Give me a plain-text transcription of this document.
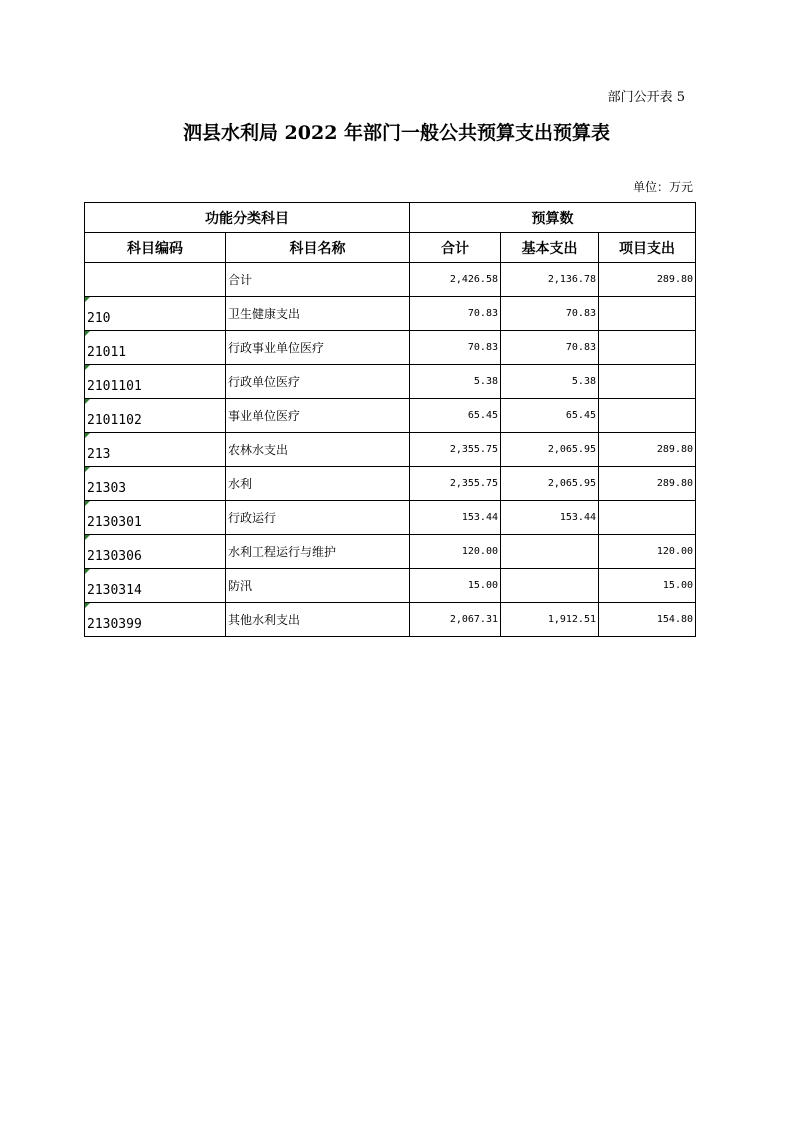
部门公开表 5
泗县水利局 2022 年部门一般公共预算支出预算表
单位：万元
功能分类科目		预算数		
科目编码	科目名称	合计	基本支出	项目支出
	合计	2,426.58	2,136.78	289.80
210	卫生健康支出	70.83	70.83	
21011	行政事业单位医疗	70.83	70.83	
2101101	行政单位医疗	5.38	5.38	
2101102	事业单位医疗	65.45	65.45	
213	农林水支出	2,355.75	2,065.95	289.80
21303	水利	2,355.75	2,065.95	289.80
2130301	行政运行	153.44	153.44	
2130306	水利工程运行与维护	120.00		120.00
2130314	防汛	15.00		15.00
2130399	其他水利支出	2,067.31	1,912.51	154.80
